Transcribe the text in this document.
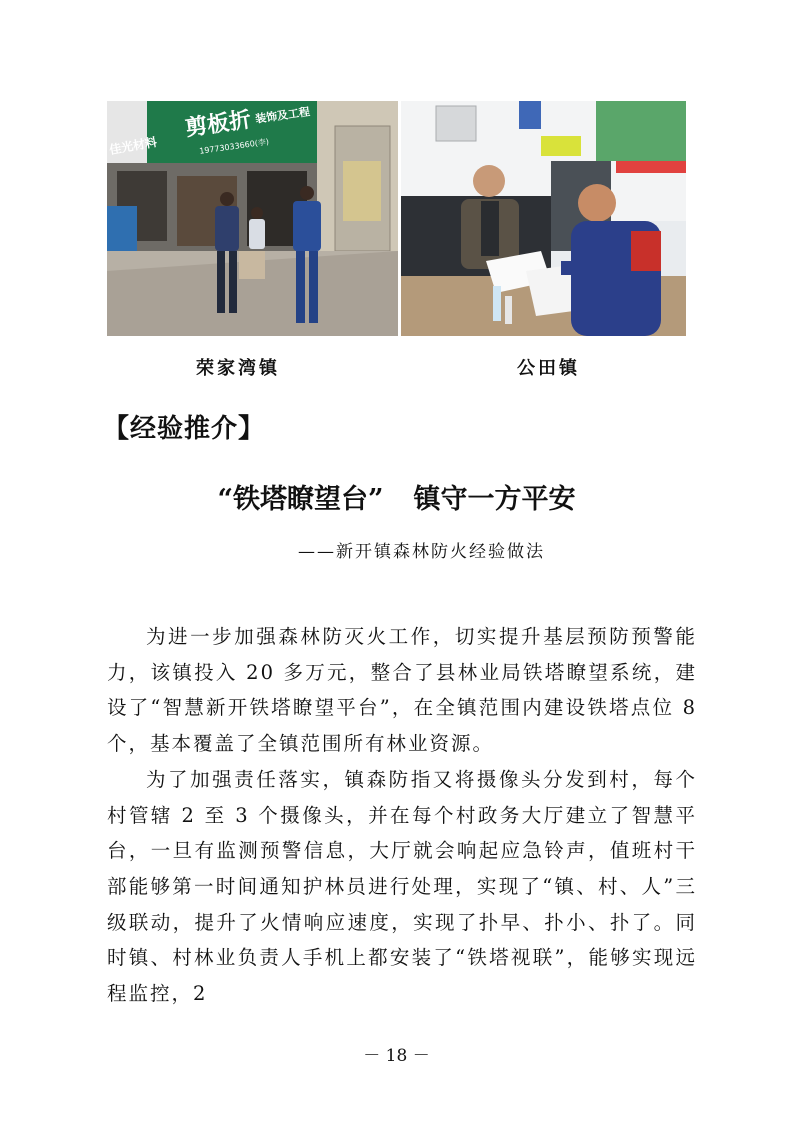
佳光材料
剪板折 装饰及工程
19773033660(李)
荣家湾镇	公田镇
【经验推介】
“铁塔瞭望台” 镇守一方平安
——新开镇森林防火经验做法

为进一步加强森林防灭火工作，切实提升基层预防预警能力，该镇投入 20 多万元，整合了县林业局铁塔瞭望系统，建设了“智慧新开铁塔瞭望平台”，在全镇范围内建设铁塔点位 8 个，基本覆盖了全镇范围所有林业资源。

为了加强责任落实，镇森防指又将摄像头分发到村，每个村管辖 2 至 3 个摄像头，并在每个村政务大厅建立了智慧平台，一旦有监测预警信息，大厅就会响起应急铃声，值班村干部能够第一时间通知护林员进行处理，实现了“镇、村、人”三级联动，提升了火情响应速度，实现了扑早、扑小、扑了。同时镇、村林业负责人手机上都安装了“铁塔视联”，能够实现远程监控，2

－ 18 －
